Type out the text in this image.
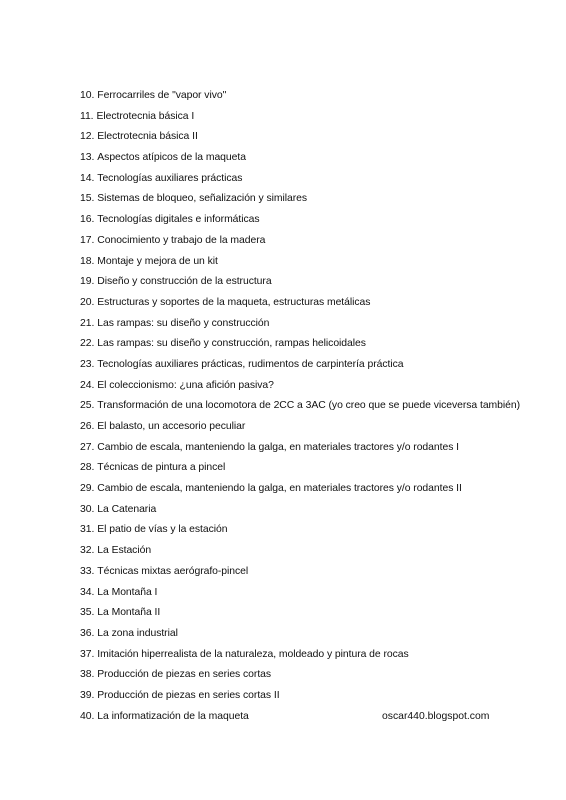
10. Ferrocarriles de "vapor vivo"
11. Electrotecnia básica I
12. Electrotecnia básica II
13. Aspectos atípicos de la maqueta
14. Tecnologías auxiliares prácticas
15. Sistemas de bloqueo, señalización y similares
16. Tecnologías digitales e informáticas
17. Conocimiento y trabajo de la madera
18. Montaje y mejora de un kit
19. Diseño y construcción de la estructura
20. Estructuras y soportes de la maqueta, estructuras metálicas
21. Las rampas: su diseño y construcción
22. Las rampas: su diseño y construcción, rampas helicoidales
23. Tecnologías auxiliares prácticas, rudimentos de carpintería práctica
24. El coleccionismo: ¿una afición pasiva?
25. Transformación de una locomotora de 2CC a 3AC (yo creo que se puede viceversa también)
26. El balasto, un accesorio peculiar
27. Cambio de escala, manteniendo la galga, en materiales tractores y/o rodantes I
28. Técnicas de pintura a pincel
29. Cambio de escala, manteniendo la galga, en materiales tractores y/o rodantes II
30. La Catenaria
31. El patio de vías y la estación
32. La Estación
33. Técnicas mixtas aerógrafo-pincel
34. La Montaña I
35. La Montaña II
36. La zona industrial
37. Imitación hiperrealista de la naturaleza, moldeado y pintura de rocas
38. Producción de piezas en series cortas
39. Producción de piezas en series cortas II
40. La informatización de la maqueta	oscar440.blogspot.com
